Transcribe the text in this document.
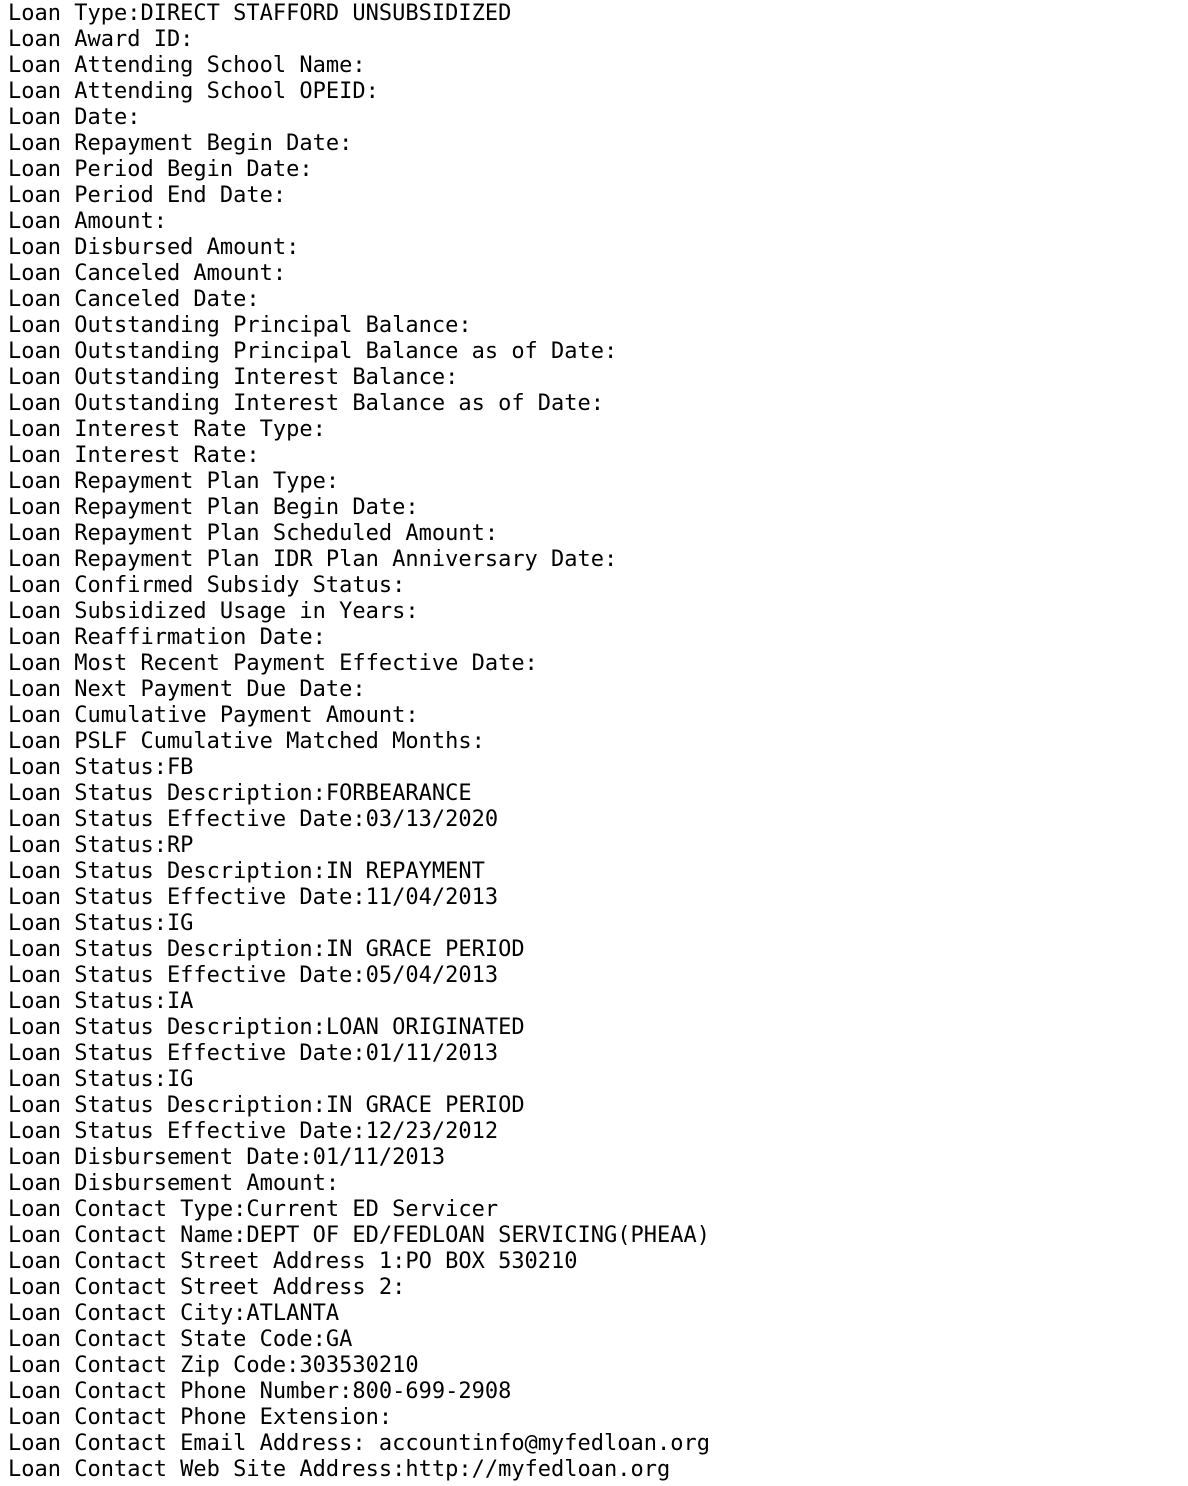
Loan Type:DIRECT STAFFORD UNSUBSIDIZED
Loan Award ID:
Loan Attending School Name:
Loan Attending School OPEID:
Loan Date:
Loan Repayment Begin Date:
Loan Period Begin Date:
Loan Period End Date:
Loan Amount:
Loan Disbursed Amount:
Loan Canceled Amount:
Loan Canceled Date:
Loan Outstanding Principal Balance:
Loan Outstanding Principal Balance as of Date:
Loan Outstanding Interest Balance:
Loan Outstanding Interest Balance as of Date:
Loan Interest Rate Type:
Loan Interest Rate:
Loan Repayment Plan Type:
Loan Repayment Plan Begin Date:
Loan Repayment Plan Scheduled Amount:
Loan Repayment Plan IDR Plan Anniversary Date:
Loan Confirmed Subsidy Status:
Loan Subsidized Usage in Years:
Loan Reaffirmation Date:
Loan Most Recent Payment Effective Date:
Loan Next Payment Due Date:
Loan Cumulative Payment Amount:
Loan PSLF Cumulative Matched Months:
Loan Status:FB
Loan Status Description:FORBEARANCE
Loan Status Effective Date:03/13/2020
Loan Status:RP
Loan Status Description:IN REPAYMENT
Loan Status Effective Date:11/04/2013
Loan Status:IG
Loan Status Description:IN GRACE PERIOD
Loan Status Effective Date:05/04/2013
Loan Status:IA
Loan Status Description:LOAN ORIGINATED
Loan Status Effective Date:01/11/2013
Loan Status:IG
Loan Status Description:IN GRACE PERIOD
Loan Status Effective Date:12/23/2012
Loan Disbursement Date:01/11/2013
Loan Disbursement Amount:
Loan Contact Type:Current ED Servicer
Loan Contact Name:DEPT OF ED/FEDLOAN SERVICING(PHEAA)
Loan Contact Street Address 1:PO BOX 530210
Loan Contact Street Address 2:
Loan Contact City:ATLANTA
Loan Contact State Code:GA
Loan Contact Zip Code:303530210
Loan Contact Phone Number:800-699-2908
Loan Contact Phone Extension:
Loan Contact Email Address: accountinfo@myfedloan.org
Loan Contact Web Site Address:http://myfedloan.org
